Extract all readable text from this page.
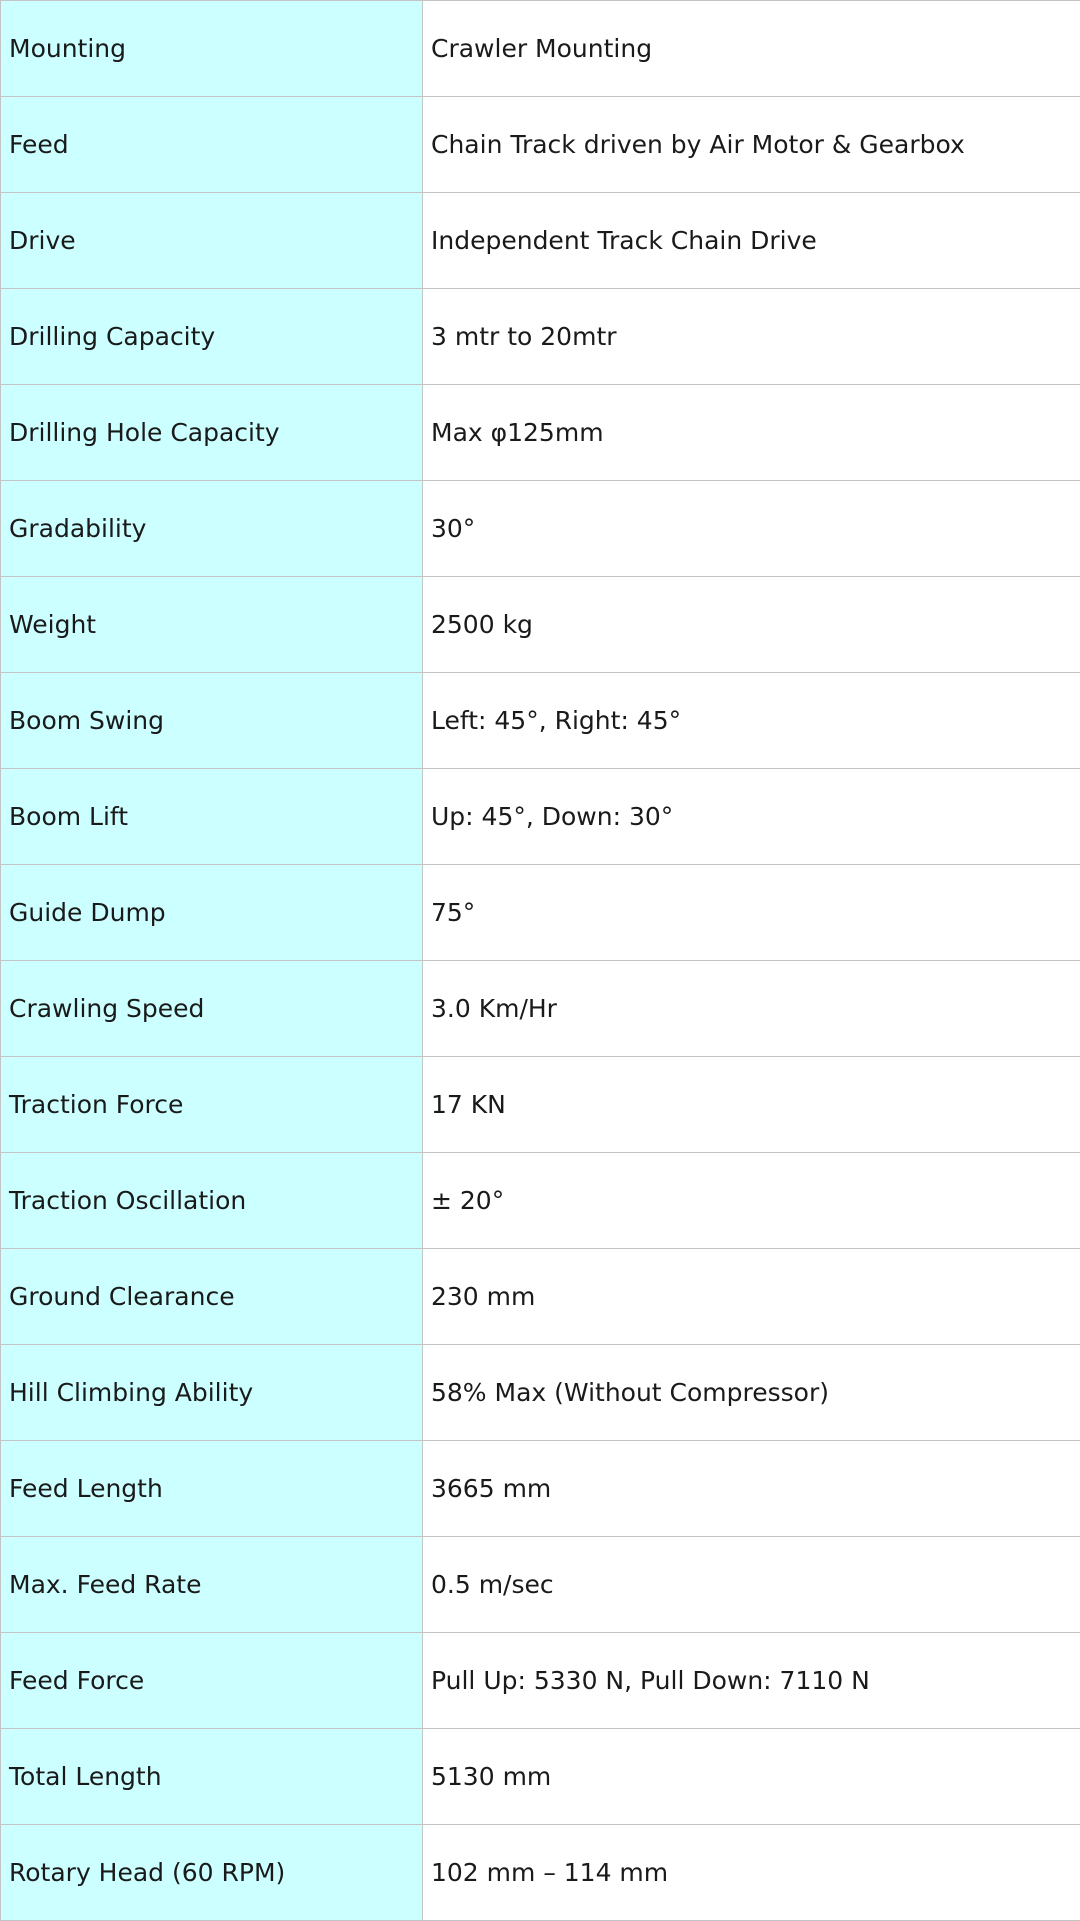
Mounting	Crawler Mounting
Feed	Chain Track driven by Air Motor & Gearbox
Drive	Independent Track Chain Drive
Drilling Capacity	3 mtr to 20mtr
Drilling Hole Capacity	Max φ125mm
Gradability	30°
Weight	2500 kg
Boom Swing	Left: 45°, Right: 45°
Boom Lift	Up: 45°, Down: 30°
Guide Dump	75°
Crawling Speed	3.0 Km/Hr
Traction Force	17 KN
Traction Oscillation	± 20°
Ground Clearance	230 mm
Hill Climbing Ability	58% Max (Without Compressor)
Feed Length	3665 mm
Max. Feed Rate	0.5 m/sec
Feed Force	Pull Up: 5330 N, Pull Down: 7110 N
Total Length	5130 mm
Rotary Head (60 RPM)	102 mm – 114 mm
